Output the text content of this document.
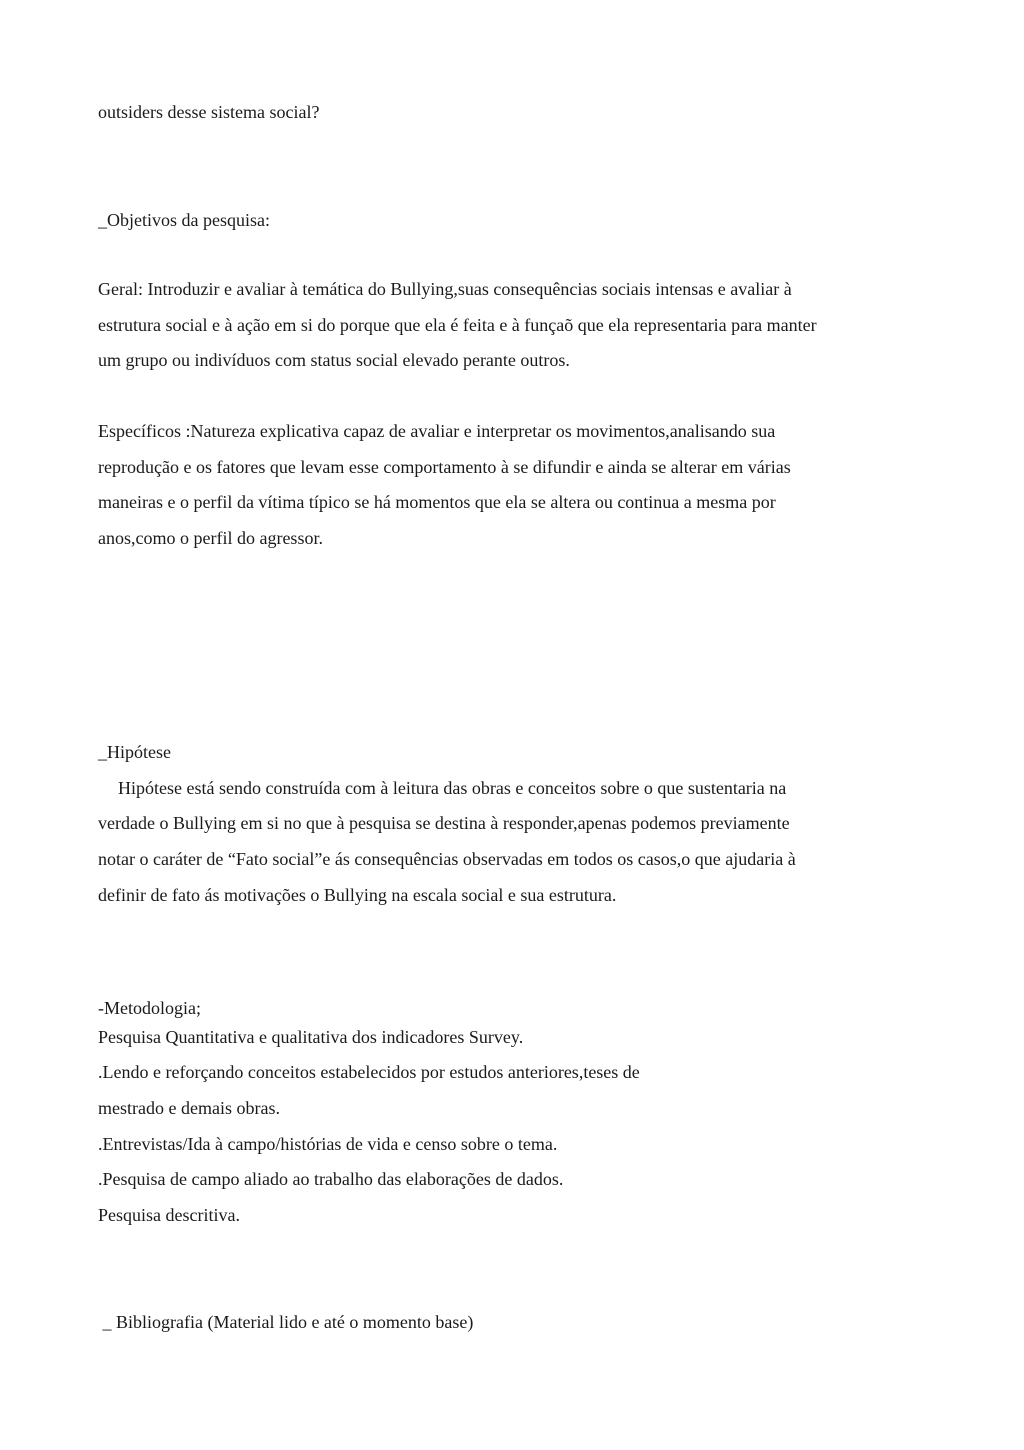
outsiders desse sistema social?
_Objetivos da pesquisa:
Geral: Introduzir e avaliar à temática do Bullying,suas consequências sociais intensas e avaliar à
estrutura social e à ação em si do porque que ela é feita e à funçaõ que ela representaria para manter
um grupo ou indivíduos com status social elevado perante outros.
Específicos :Natureza explicativa capaz de avaliar e interpretar os movimentos,analisando sua
reprodução e os fatores que levam esse comportamento à se difundir e ainda se alterar em várias
maneiras e o perfil da vítima típico se há momentos que ela se altera ou continua a mesma por
anos,como o perfil do agressor.
_Hipótese
Hipótese está sendo construída com à leitura das obras e conceitos sobre o que sustentaria na
verdade o Bullying em si no que à pesquisa se destina à responder,apenas podemos previamente
notar o caráter de “Fato social”e ás consequências observadas em todos os casos,o que ajudaria à
definir de fato ás motivações o Bullying na escala social e sua estrutura.
-Metodologia;
Pesquisa Quantitativa e qualitativa dos indicadores Survey.
.Lendo e reforçando conceitos estabelecidos por estudos anteriores,teses de
mestrado e demais obras.
.Entrevistas/Ida à campo/histórias de vida e censo sobre o tema.
.Pesquisa de campo aliado ao trabalho das elaborações de dados.
Pesquisa descritiva.
_ Bibliografia (Material lido e até o momento base)
